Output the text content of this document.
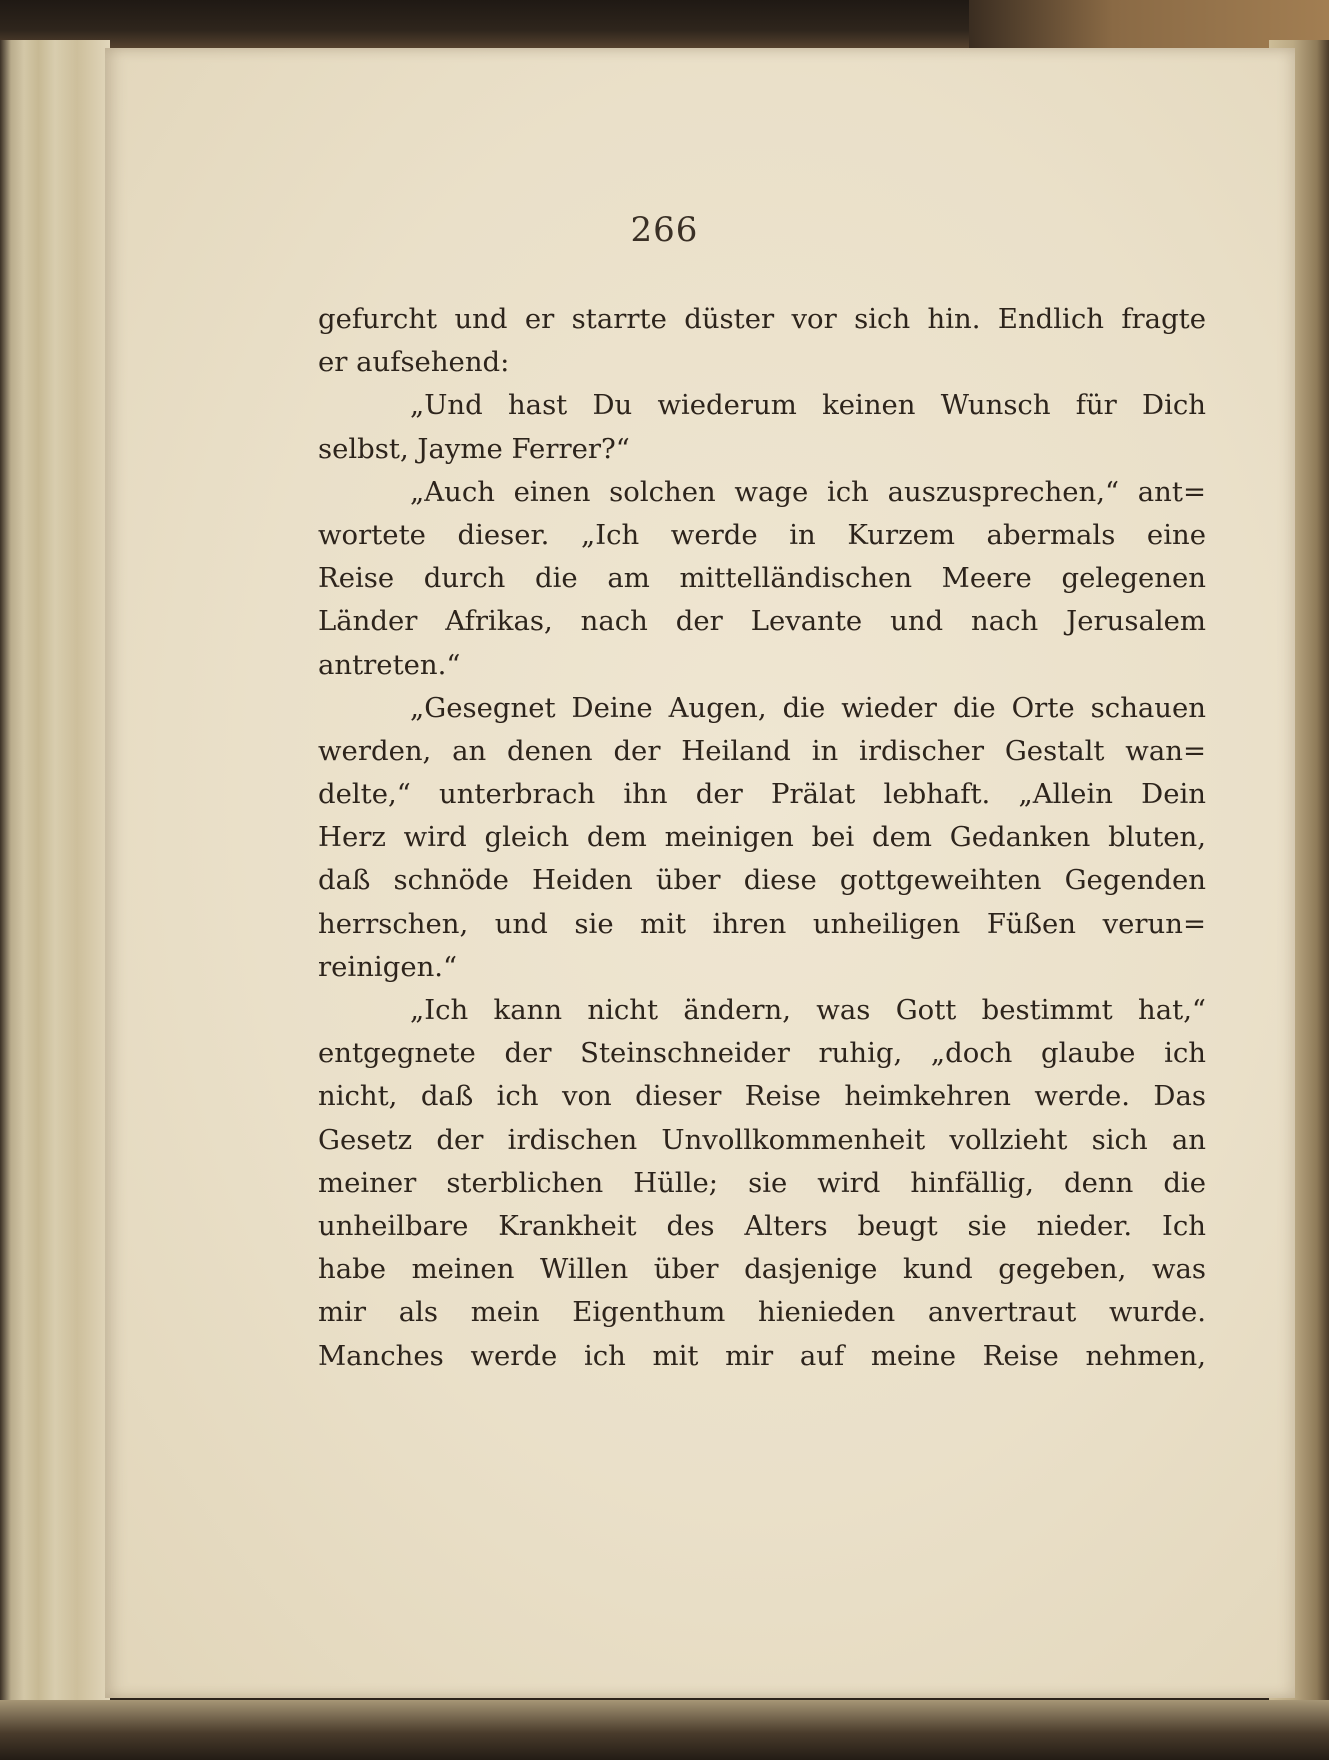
266
gefurcht und er starrte düster vor sich hin. Endlich fragte
er aufsehend:
„Und hast Du wiederum keinen Wunsch für Dich
selbst, Jayme Ferrer?“
„Auch einen solchen wage ich auszusprechen,“ ant=
wortete dieser. „Ich werde in Kurzem abermals eine
Reise durch die am mittelländischen Meere gelegenen
Länder Afrikas, nach der Levante und nach Jerusalem
antreten.“
„Gesegnet Deine Augen, die wieder die Orte schauen
werden, an denen der Heiland in irdischer Gestalt wan=
delte,“ unterbrach ihn der Prälat lebhaft. „Allein Dein
Herz wird gleich dem meinigen bei dem Gedanken bluten,
daß schnöde Heiden über diese gottgeweihten Gegenden
herrschen, und sie mit ihren unheiligen Füßen verun=
reinigen.“
„Ich kann nicht ändern, was Gott bestimmt hat,“
entgegnete der Steinschneider ruhig, „doch glaube ich
nicht, daß ich von dieser Reise heimkehren werde. Das
Gesetz der irdischen Unvollkommenheit vollzieht sich an
meiner sterblichen Hülle; sie wird hinfällig, denn die
unheilbare Krankheit des Alters beugt sie nieder. Ich
habe meinen Willen über dasjenige kund gegeben, was
mir als mein Eigenthum hienieden anvertraut wurde.
Manches werde ich mit mir auf meine Reise nehmen,
